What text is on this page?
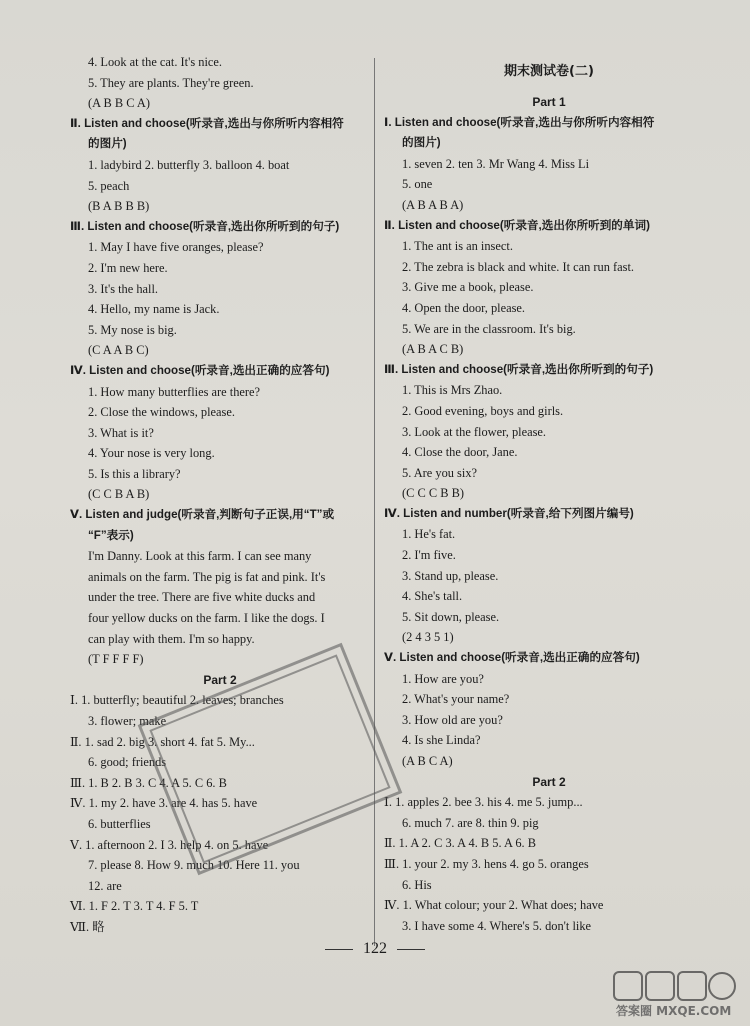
4. Look at the cat. It's nice.
5. They are plants. They're green.
(A B B C A)
Ⅱ. Listen and choose(听录音,选出与你所听内容相符
的图片)
1. ladybird 2. butterfly 3. balloon 4. boat
5. peach
(B A B B B)
Ⅲ. Listen and choose(听录音,选出你所听到的句子)
1. May I have five oranges, please?
2. I'm new here.
3. It's the hall.
4. Hello, my name is Jack.
5. My nose is big.
(C A A B C)
Ⅳ. Listen and choose(听录音,选出正确的应答句)
1. How many butterflies are there?
2. Close the windows, please.
3. What is it?
4. Your nose is very long.
5. Is this a library?
(C C B A B)
Ⅴ. Listen and judge(听录音,判断句子正误,用“T”或
“F”表示)
I'm Danny. Look at this farm. I can see many
animals on the farm. The pig is fat and pink. It's
under the tree. There are five white ducks and
four yellow ducks on the farm. I like the dogs. I
can play with them. I'm so happy.
(T F F F F)
Part 2
Ⅰ. 1. butterfly; beautiful 2. leaves; branches
3. flower; make
Ⅱ. 1. sad 2. big 3. short 4. fat 5. My...
6. good; friends
Ⅲ. 1. B 2. B 3. C 4. A 5. C 6. B
Ⅳ. 1. my 2. have 3. are 4. has 5. have
6. butterflies
Ⅴ. 1. afternoon 2. I 3. help 4. on 5. have
7. please 8. How 9. much 10. Here 11. you
12. are
Ⅵ. 1. F 2. T 3. T 4. F 5. T
Ⅶ. 略
期末测试卷(二)
Part 1
Ⅰ. Listen and choose(听录音,选出与你所听内容相符
的图片)
1. seven 2. ten 3. Mr Wang 4. Miss Li
5. one
(A B A B A)
Ⅱ. Listen and choose(听录音,选出你所听到的单词)
1. The ant is an insect.
2. The zebra is black and white. It can run fast.
3. Give me a book, please.
4. Open the door, please.
5. We are in the classroom. It's big.
(A B A C B)
Ⅲ. Listen and choose(听录音,选出你所听到的句子)
1. This is Mrs Zhao.
2. Good evening, boys and girls.
3. Look at the flower, please.
4. Close the door, Jane.
5. Are you six?
(C C C B B)
Ⅳ. Listen and number(听录音,给下列图片编号)
1. He's fat.
2. I'm five.
3. Stand up, please.
4. She's tall.
5. Sit down, please.
(2 4 3 5 1)
Ⅴ. Listen and choose(听录音,选出正确的应答句)
1. How are you?
2. What's your name?
3. How old are you?
4. Is she Linda?
(A B C A)
Part 2
Ⅰ. 1. apples 2. bee 3. his 4. me 5. jump...
6. much 7. are 8. thin 9. pig
Ⅱ. 1. A 2. C 3. A 4. B 5. A 6. B
Ⅲ. 1. your 2. my 3. hens 4. go 5. oranges
6. His
Ⅳ. 1. What colour; your 2. What does; have
3. I have some 4. Where's 5. don't like
122
答案圈 MXQE.COM
